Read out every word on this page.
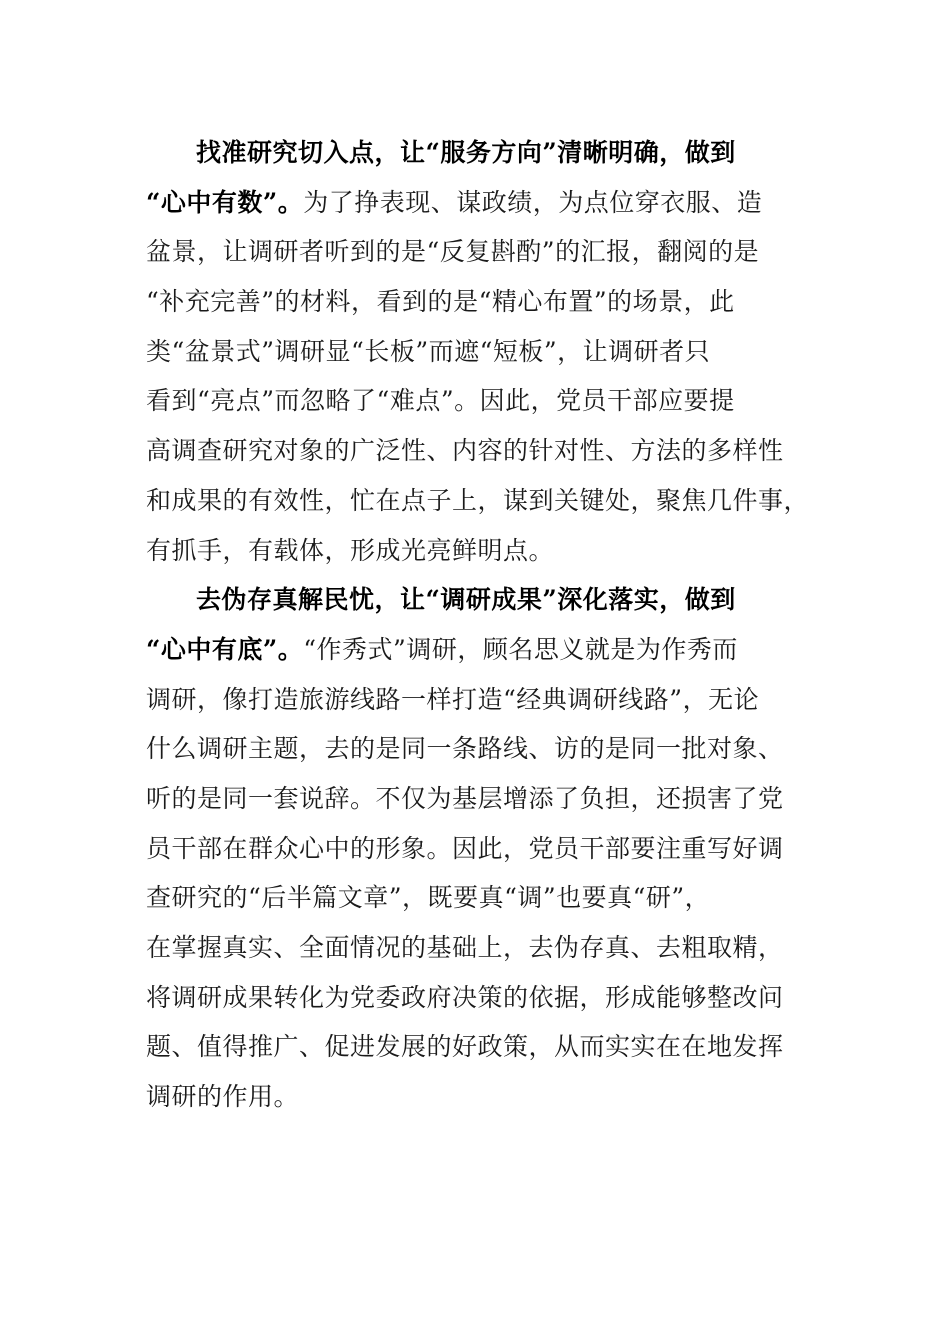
找准研究切入点，让“服务方向”清晰明确，做到
“心中有数”。为了挣表现、谋政绩，为点位穿衣服、造
盆景，让调研者听到的是“反复斟酌”的汇报，翻阅的是
“补充完善”的材料，看到的是“精心布置”的场景，此
类“盆景式”调研显“长板”而遮“短板”，让调研者只
看到“亮点”而忽略了“难点”。因此，党员干部应要提
高调查研究对象的广泛性、内容的针对性、方法的多样性
和成果的有效性，忙在点子上，谋到关键处，聚焦几件事，
有抓手，有载体，形成光亮鲜明点。
去伪存真解民忧，让“调研成果”深化落实，做到
“心中有底”。“作秀式”调研，顾名思义就是为作秀而
调研，像打造旅游线路一样打造“经典调研线路”，无论
什么调研主题，去的是同一条路线、访的是同一批对象、
听的是同一套说辞。不仅为基层增添了负担，还损害了党
员干部在群众心中的形象。因此，党员干部要注重写好调
查研究的“后半篇文章”，既要真“调”也要真“研”，
在掌握真实、全面情况的基础上，去伪存真、去粗取精，
将调研成果转化为党委政府决策的依据，形成能够整改问
题、值得推广、促进发展的好政策，从而实实在在地发挥
调研的作用。
